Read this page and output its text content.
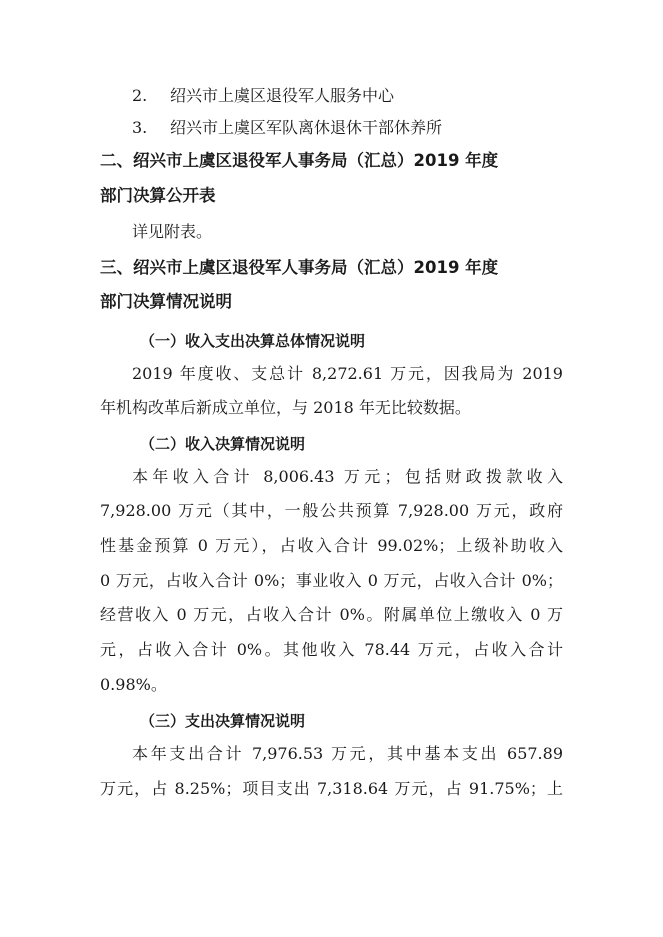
2. 绍兴市上虞区退役军人服务中心
3. 绍兴市上虞区军队离休退休干部休养所
二、绍兴市上虞区退役军人事务局（汇总）2019 年度
部门决算公开表
详见附表。
三、绍兴市上虞区退役军人事务局（汇总）2019 年度
部门决算情况说明
（一）收入支出决算总体情况说明
2019 年度收、支总计 8,272.61 万元，因我局为 2019
年机构改革后新成立单位，与 2018 年无比较数据。
（二）收入决算情况说明
本年收入合计 8,006.43 万元；包括财政拨款收入
7,928.00 万元（其中，一般公共预算 7,928.00 万元，政府
性基金预算 0 万元），占收入合计 99.02%；上级补助收入
0 万元，占收入合计 0%；事业收入 0 万元，占收入合计 0%；
经营收入 0 万元，占收入合计 0%。附属单位上缴收入 0 万
元，占收入合计 0%。其他收入 78.44 万元，占收入合计
0.98%。
（三）支出决算情况说明
本年支出合计 7,976.53 万元，其中基本支出 657.89
万元，占 8.25%；项目支出 7,318.64 万元，占 91.75%；上
